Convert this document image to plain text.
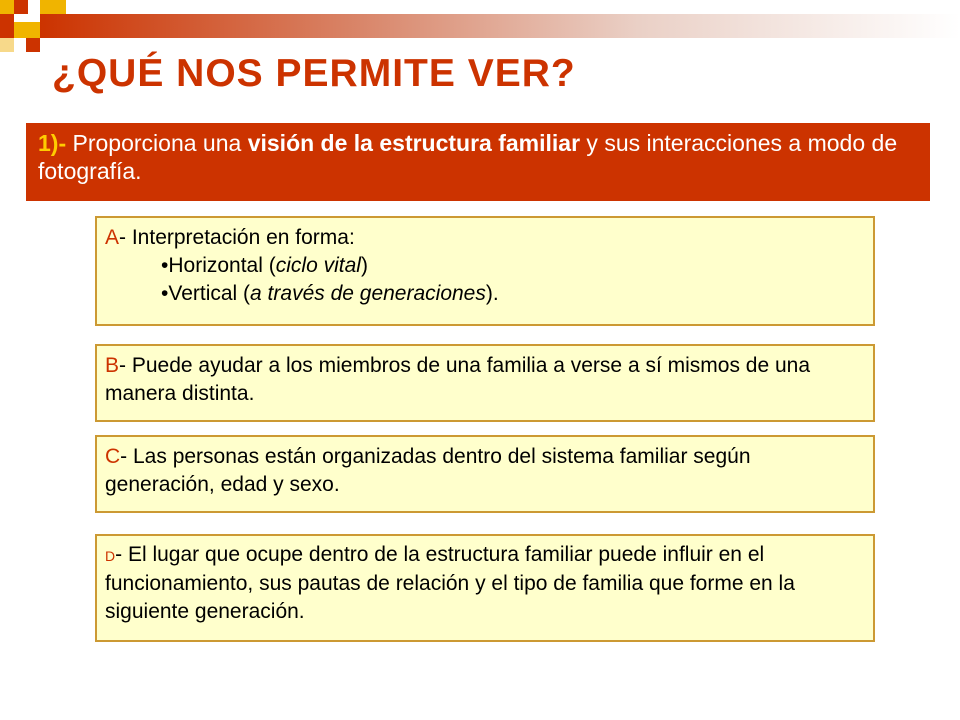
¿QUÉ NOS PERMITE VER?
1)- Proporciona una visión de la estructura familiar y sus interacciones a modo de fotografía.
A- Interpretación en forma:
•Horizontal (ciclo vital)
•Vertical (a través de generaciones).
B- Puede ayudar a los miembros de una familia a verse a sí mismos de una manera distinta.
C- Las personas están organizadas dentro del sistema familiar según generación, edad y sexo.
D- El lugar que ocupe dentro de la estructura familiar puede influir en el funcionamiento, sus pautas de relación y el tipo de familia que forme en la siguiente generación.
